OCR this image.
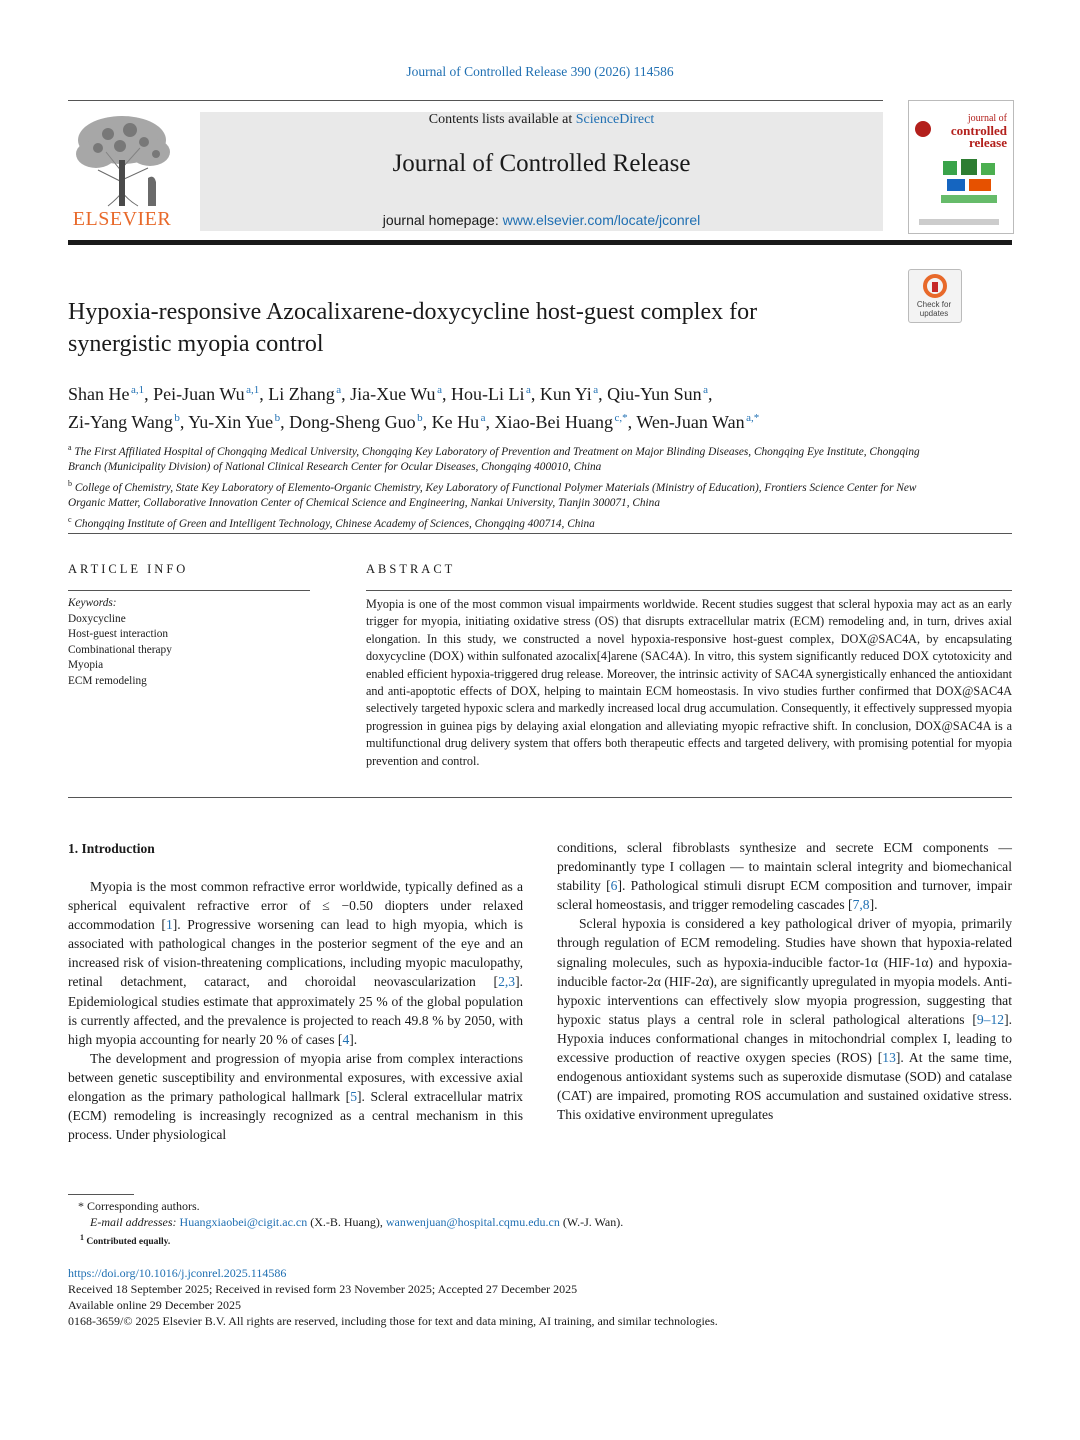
Journal of Controlled Release 390 (2026) 114586
ELSEVIER
Contents lists available at ScienceDirect
Journal of Controlled Release
journal homepage: www.elsevier.com/locate/jconrel
journal of
controlled
release
Check for
updates
Hypoxia-responsive Azocalixarene-doxycycline host-guest complex for
synergistic myopia control
Shan He  $^{a,1}$, Pei-Juan Wu  $^{a,1}$, Li Zhang  $^a$, Jia-Xue Wu  $^a$, Hou-Li Li  $^a$, Kun Yi  $^a$, Qiu-Yun Sun  $^a$,
Zi-Yang Wang  $^b$, Yu-Xin Yue  $^b$, Dong-Sheng Guo  $^b$, Ke Hu  $^a$, Xiao-Bei Huang  $^{c,*}$, Wen-Juan Wan  $^{a,*}$
$^a$ The First Affiliated Hospital of Chongqing Medical University, Chongqing Key Laboratory of Prevention and Treatment on Major Blinding Diseases, Chongqing Eye Institute, Chongqing Branch (Municipality Division) of National Clinical Research Center for Ocular Diseases, Chongqing 400010, China
$^b$ College of Chemistry, State Key Laboratory of Elemento-Organic Chemistry, Key Laboratory of Functional Polymer Materials (Ministry of Education), Frontiers Science Center for New Organic Matter, Collaborative Innovation Center of Chemical Science and Engineering, Nankai University, Tianjin 300071, China
$^c$ Chongqing Institute of Green and Intelligent Technology, Chinese Academy of Sciences, Chongqing 400714, China
ARTICLE INFO	ABSTRACT
Keywords:
Doxycycline
Host-guest interaction
Combinational therapy
Myopia
ECM remodeling
Myopia is one of the most common visual impairments worldwide. Recent studies suggest that scleral hypoxia may act as an early trigger for myopia, initiating oxidative stress (OS) that disrupts extracellular matrix (ECM) remodeling and, in turn, drives axial elongation. In this study, we constructed a novel hypoxia-responsive host-guest complex, DOX@SAC4A, by encapsulating doxycycline (DOX) within sulfonated azocalix[4]arene (SAC4A). In vitro, this system significantly reduced DOX cytotoxicity and enabled efficient hypoxia-triggered drug release. Moreover, the intrinsic activity of SAC4A synergistically enhanced the antioxidant and anti-apoptotic effects of DOX, helping to maintain ECM homeostasis. In vivo studies further confirmed that DOX@SAC4A selectively targeted hypoxic sclera and markedly increased local drug accumulation. Consequently, it effectively suppressed myopia progression in guinea pigs by delaying axial elongation and alleviating myopic refractive shift. In conclusion, DOX@SAC4A is a multifunctional drug delivery system that offers both therapeutic effects and targeted delivery, with promising potential for myopia prevention and control.
1. Introduction

Myopia is the most common refractive error worldwide, typically defined as a spherical equivalent refractive error of ≤ −0.50 diopters under relaxed accommodation [1]. Progressive worsening can lead to high myopia, which is associated with pathological changes in the posterior segment of the eye and an increased risk of vision-threatening complications, including myopic maculopathy, retinal detachment, cataract, and choroidal neovascularization [2,3]. Epidemiological studies estimate that approximately 25 % of the global population is currently affected, and the prevalence is projected to reach 49.8 % by 2050, with high myopia accounting for nearly 20 % of cases [4].

The development and progression of myopia arise from complex interactions between genetic susceptibility and environmental exposures, with excessive axial elongation as the primary pathological hallmark [5]. Scleral extracellular matrix (ECM) remodeling is increasingly recognized as a central mechanism in this process. Under physiological

conditions, scleral fibroblasts synthesize and secrete ECM components — predominantly type I collagen — to maintain scleral integrity and biomechanical stability [6]. Pathological stimuli disrupt ECM composition and turnover, impair scleral homeostasis, and trigger remodeling cascades [7,8].

Scleral hypoxia is considered a key pathological driver of myopia, primarily through regulation of ECM remodeling. Studies have shown that hypoxia-related signaling molecules, such as hypoxia-inducible factor-1α (HIF-1α) and hypoxia-inducible factor-2α (HIF-2α), are significantly upregulated in myopia models. Anti-hypoxic interventions can effectively slow myopia progression, suggesting that hypoxic status plays a central role in scleral pathological alterations [9–12]. Hypoxia induces conformational changes in mitochondrial complex I, leading to excessive production of reactive oxygen species (ROS) [13]. At the same time, endogenous antioxidant systems such as superoxide dismutase (SOD) and catalase (CAT) are impaired, promoting ROS accumulation and sustained oxidative stress. This oxidative environment upregulates

* Corresponding authors.
E-mail addresses: Huangxiaobei@cigit.ac.cn (X.-B. Huang), wanwenjuan@hospital.cqmu.edu.cn (W.-J. Wan).
$^1$ Contributed equally.
https://doi.org/10.1016/j.jconrel.2025.114586
Received 18 September 2025; Received in revised form 23 November 2025; Accepted 27 December 2025
Available online 29 December 2025
0168-3659/© 2025 Elsevier B.V. All rights are reserved, including those for text and data mining, AI training, and similar technologies.
